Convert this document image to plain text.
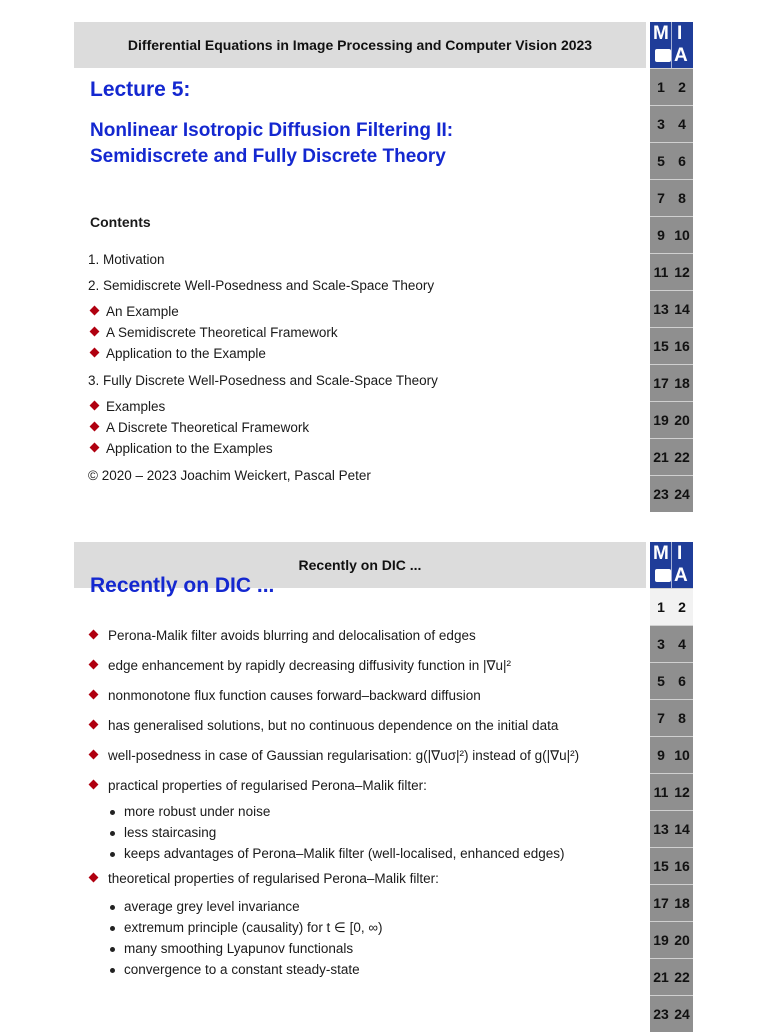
Differential Equations in Image Processing and Computer Vision 2023
M I
A
1 2
3 4
5 6
7 8
9 10
11 12
13 14
15 16
17 18
19 20
21 22
23 24
Lecture 5:
Nonlinear Isotropic Diffusion Filtering II:
Semidiscrete and Fully Discrete Theory
Contents
1. Motivation
2. Semidiscrete Well-Posedness and Scale-Space Theory
An Example
A Semidiscrete Theoretical Framework
Application to the Example
3. Fully Discrete Well-Posedness and Scale-Space Theory
Examples
A Discrete Theoretical Framework
Application to the Examples
© 2020 – 2023 Joachim Weickert, Pascal Peter
Recently on DIC ...
M I
A
1 2
3 4
5 6
7 8
9 10
11 12
13 14
15 16
17 18
19 20
21 22
23 24
Recently on DIC ...
Perona-Malik filter avoids blurring and delocalisation of edges
edge enhancement by rapidly decreasing diffusivity function in |∇u|²
nonmonotone flux function causes forward–backward diffusion
has generalised solutions, but no continuous dependence on the initial data
well-posedness in case of Gaussian regularisation: g(|∇uσ|²) instead of g(|∇u|²)
practical properties of regularised Perona–Malik filter:
more robust under noise
less staircasing
keeps advantages of Perona–Malik filter (well-localised, enhanced edges)
theoretical properties of regularised Perona–Malik filter:
average grey level invariance
extremum principle (causality) for t ∈ [0, ∞)
many smoothing Lyapunov functionals
convergence to a constant steady-state
